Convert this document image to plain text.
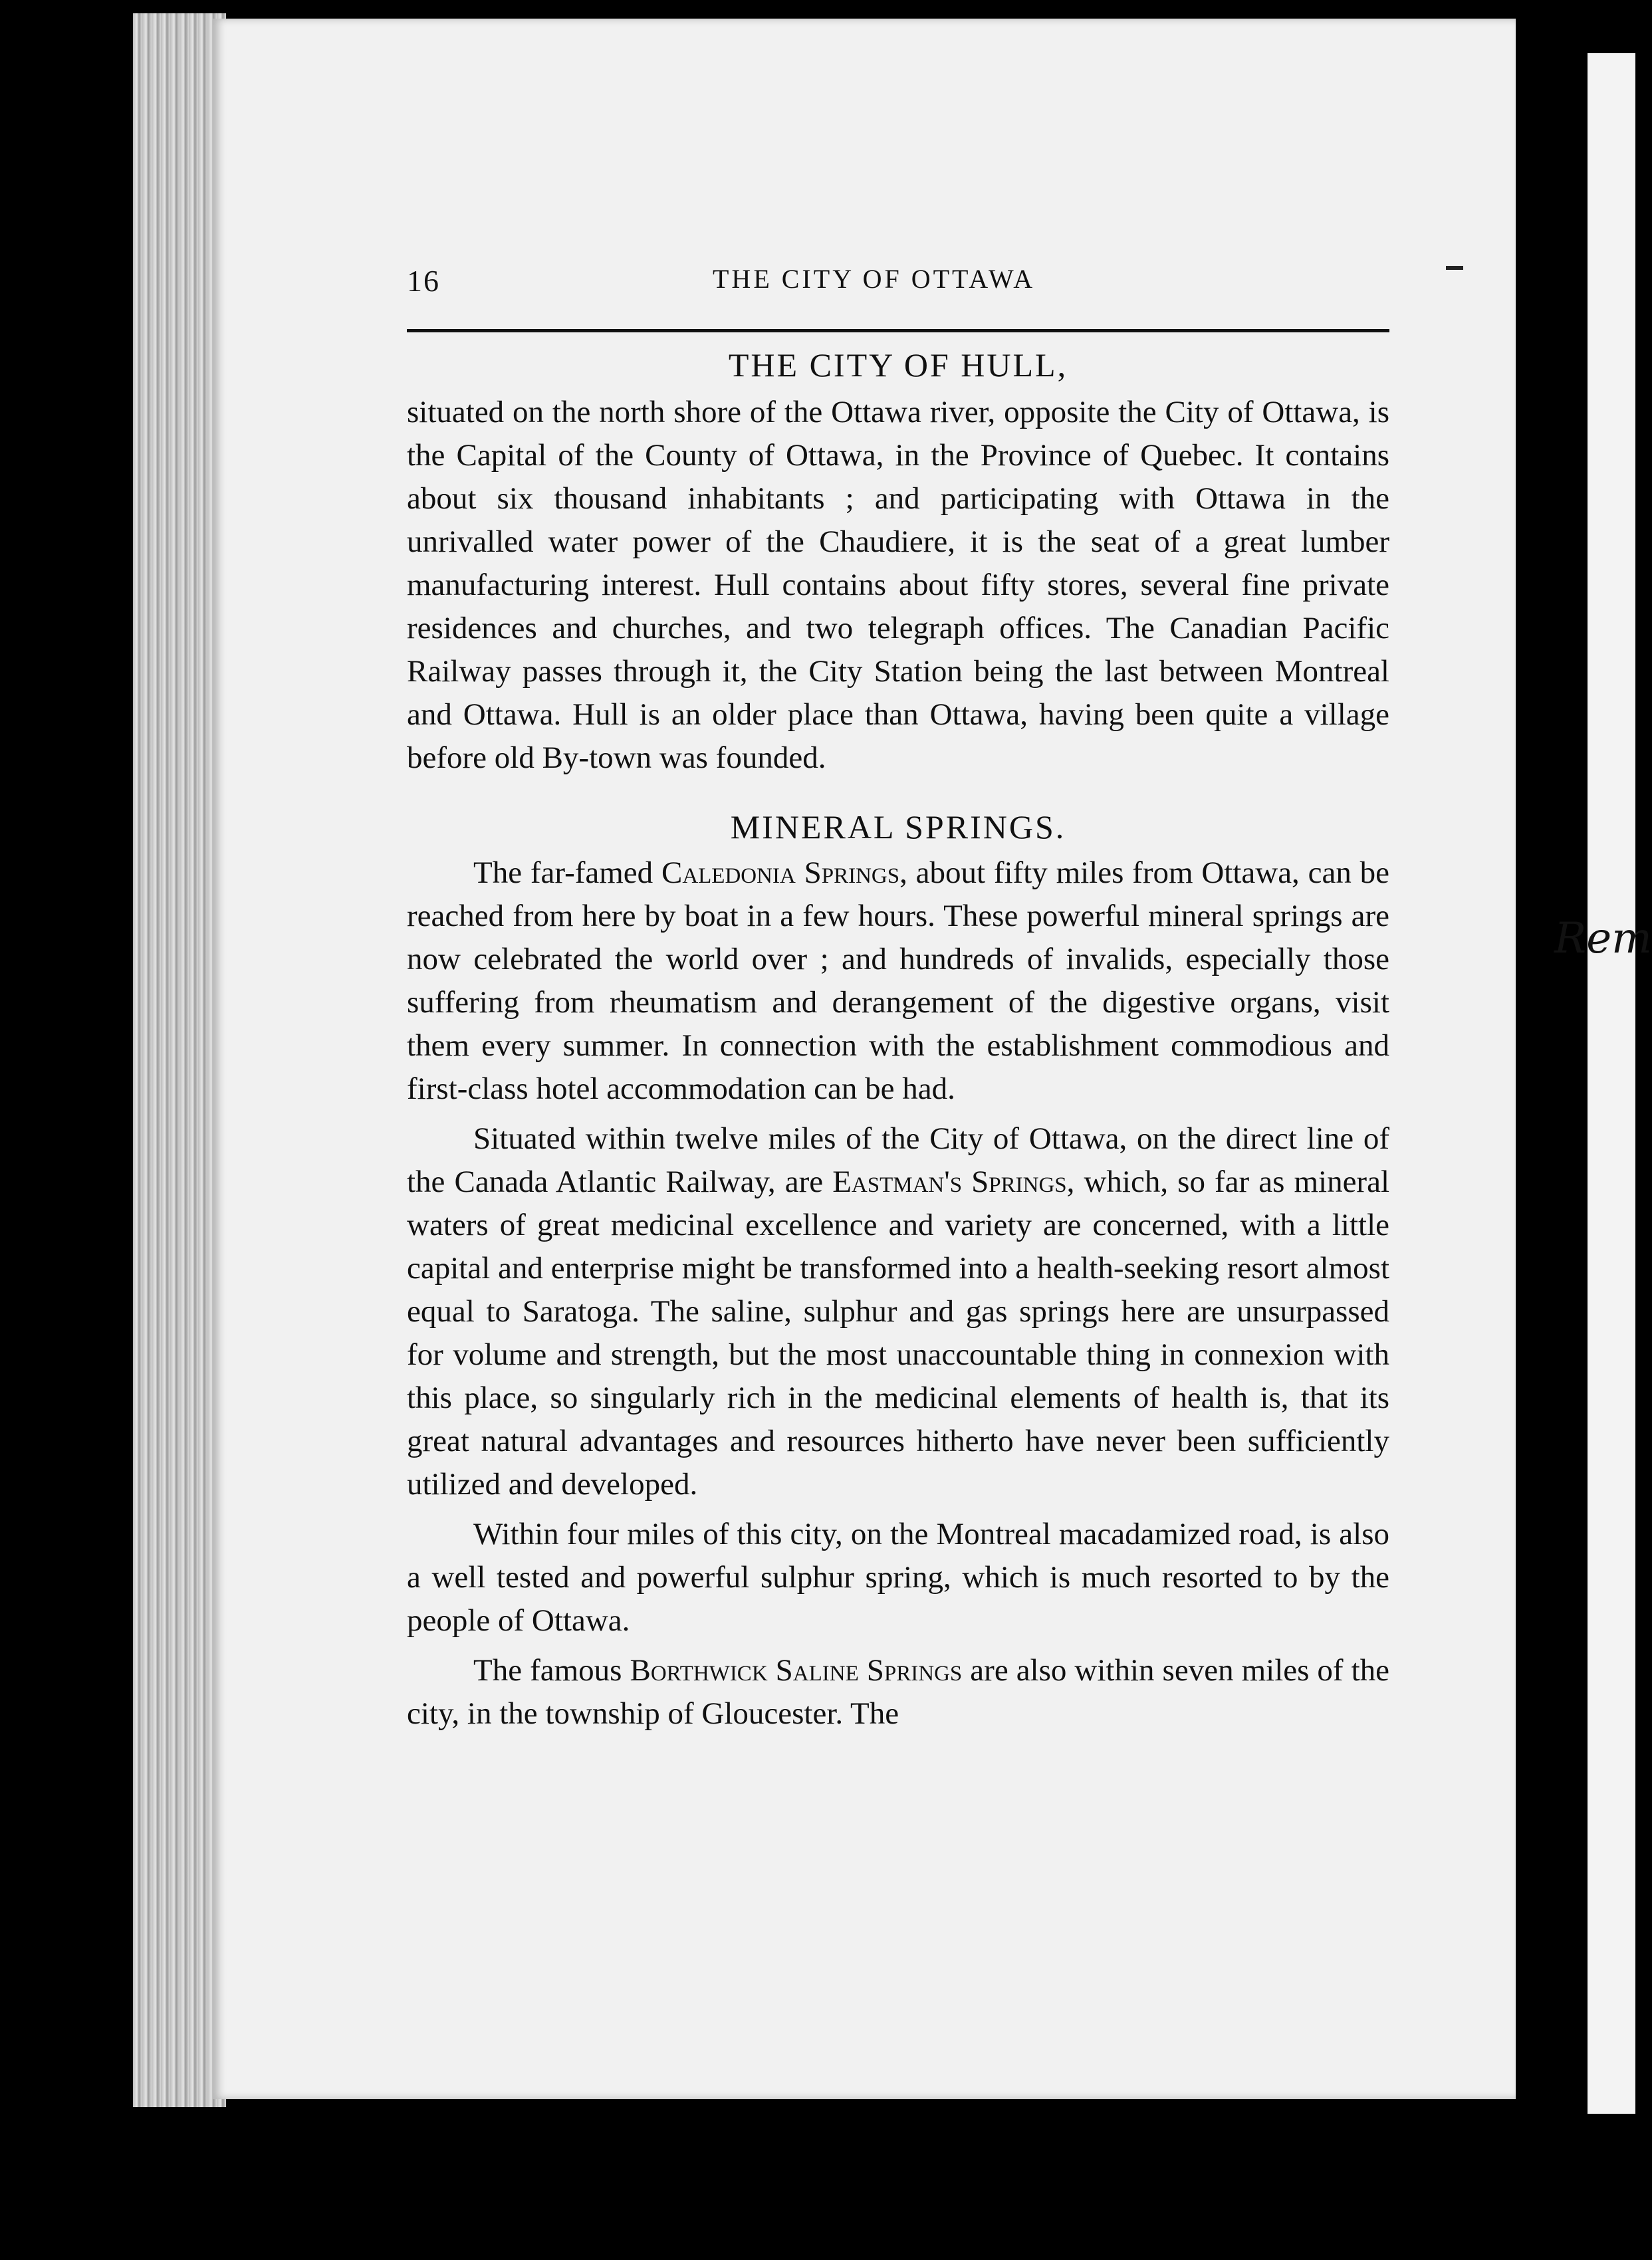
Rem
16	THE CITY OF OTTAWA
THE CITY OF HULL,

situated on the north shore of the Ottawa river, opposite the City of Ottawa, is the Capital of the County of Ottawa, in the Province of Quebec. It contains about six thousand inhabitants ; and participating with Ottawa in the unrivalled water power of the Chaudiere, it is the seat of a great lumber manufacturing interest. Hull contains about fifty stores, several fine private residences and churches, and two telegraph offices. The Canadian Pacific Railway passes through it, the City Station being the last between Montreal and Ottawa. Hull is an older place than Ottawa, having been quite a village before old By-town was founded.

MINERAL SPRINGS.

The far-famed Caledonia Springs, about fifty miles from Ottawa, can be reached from here by boat in a few hours. These powerful mineral springs are now celebrated the world over ; and hundreds of invalids, especially those suffering from rheumatism and derangement of the digestive organs, visit them every summer. In connection with the establishment commodious and first-class hotel accommodation can be had.

Situated within twelve miles of the City of Ottawa, on the direct line of the Canada Atlantic Railway, are Eastman's Springs, which, so far as mineral waters of great medicinal excellence and variety are concerned, with a little capital and enterprise might be transformed into a health-seeking resort almost equal to Saratoga. The saline, sulphur and gas springs here are unsurpassed for volume and strength, but the most unaccountable thing in connexion with this place, so singularly rich in the medicinal elements of health is, that its great natural advantages and resources hitherto have never been sufficiently utilized and developed.

Within four miles of this city, on the Montreal macadamized road, is also a well tested and powerful sulphur spring, which is much resorted to by the people of Ottawa.

The famous Borthwick Saline Springs are also within seven miles of the city, in the township of Gloucester. The
